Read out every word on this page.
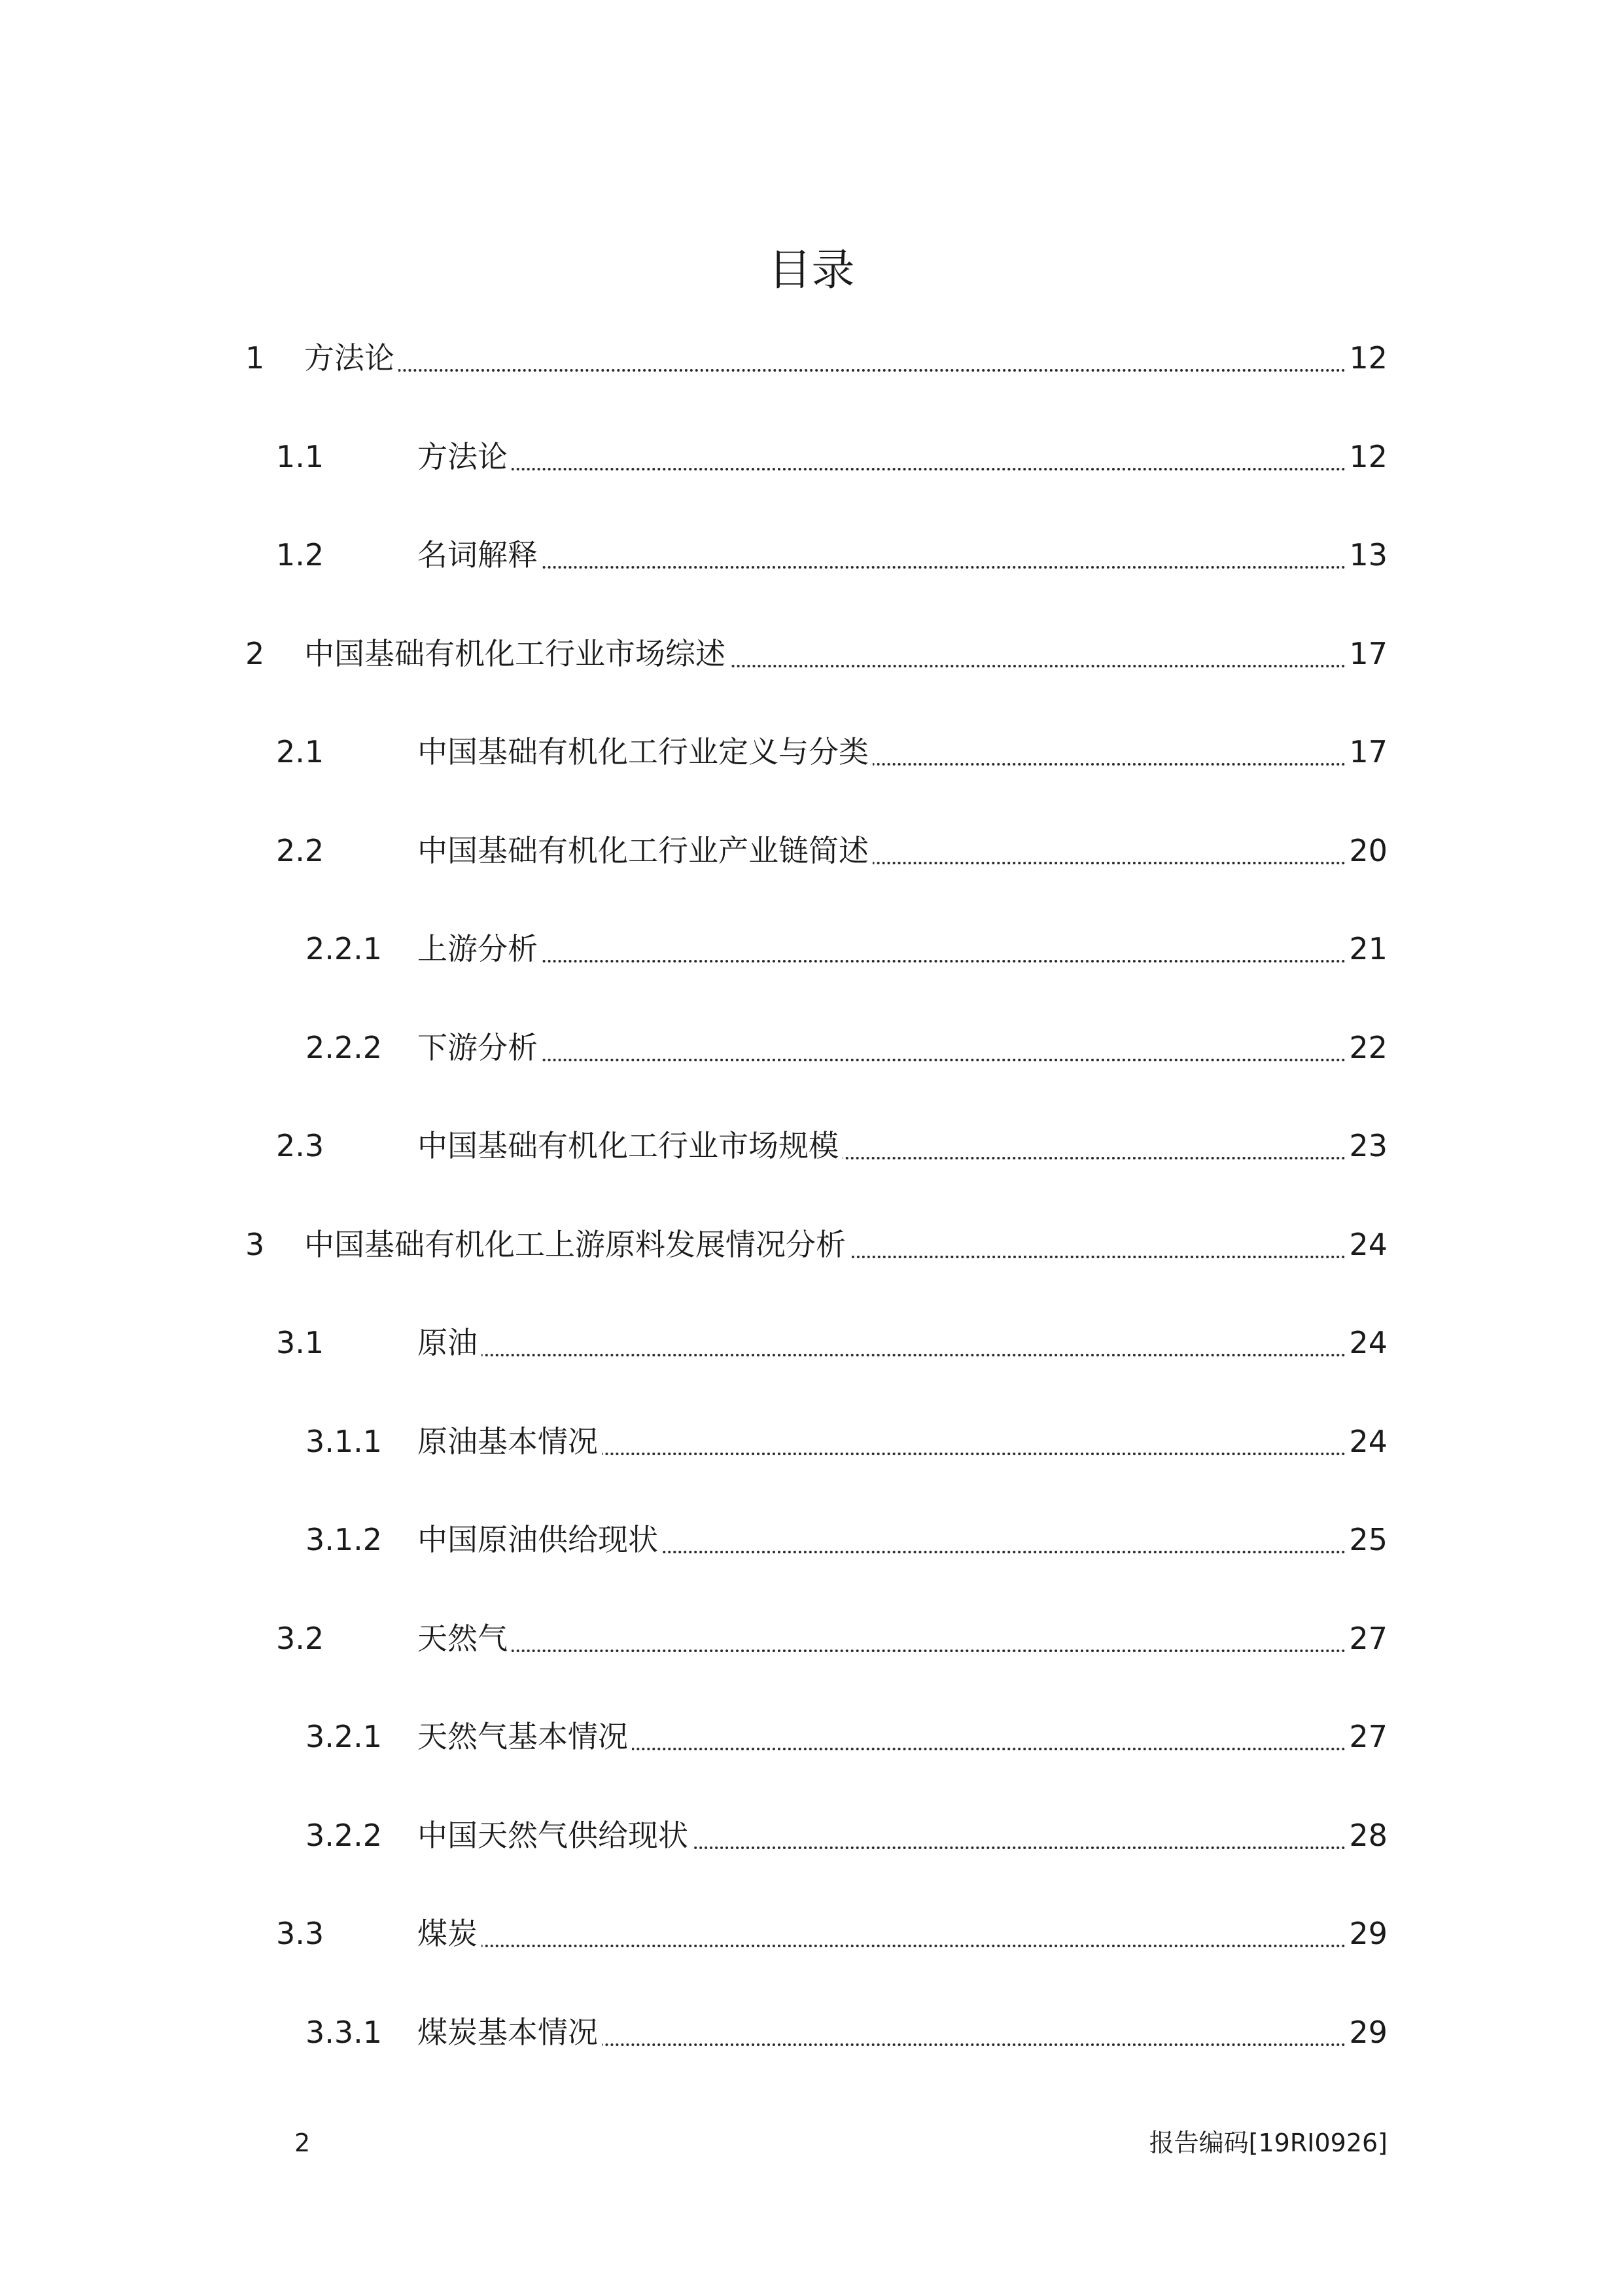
目录
1 方法论	12
1.1	方法论	12
1.2	名词解释	13
2 中国基础有机化工行业市场综述	17
2.1	中国基础有机化工行业定义与分类	17
2.2	中国基础有机化工行业产业链简述	20
2.2.1 上游分析	21
2.2.2 下游分析	22
2.3	中国基础有机化工行业市场规模	23
3 中国基础有机化工上游原料发展情况分析	24
3.1	原油	24
3.1.1 原油基本情况	24
3.1.2 中国原油供给现状	25
3.2	天然气	27
3.2.1 天然气基本情况	27
3.2.2 中国天然气供给现状	28
3.3	煤炭	29
3.3.1 煤炭基本情况	29
2	报告编码[19RI0926]
